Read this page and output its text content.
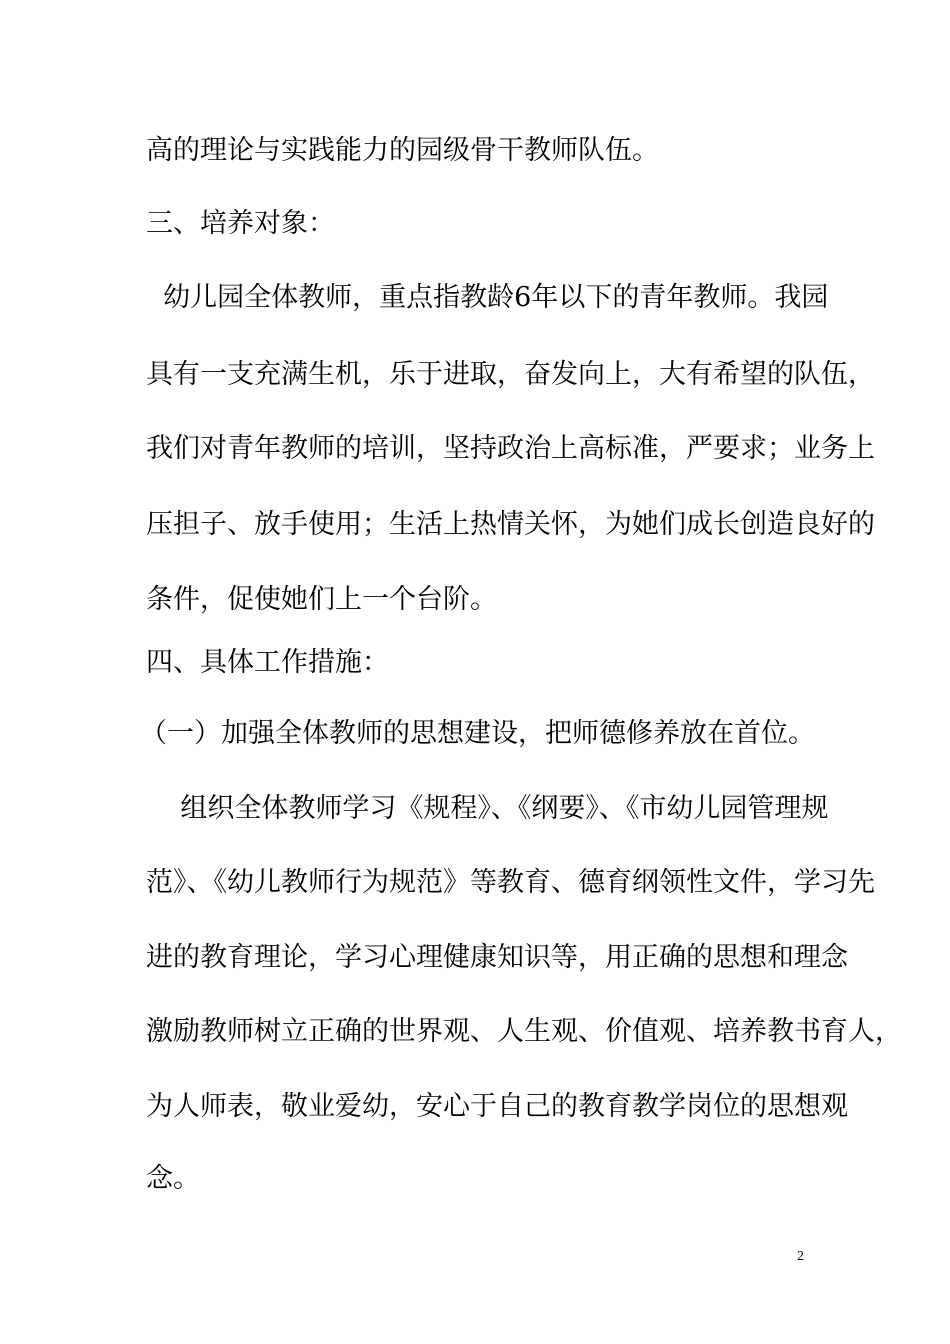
高的理论与实践能力的园级骨干教师队伍。
三、培养对象：
幼儿园全体教师，重点指教龄6年以下的青年教师。我园
具有一支充满生机，乐于进取，奋发向上，大有希望的队伍，
我们对青年教师的培训，坚持政治上高标准，严要求；业务上
压担子、放手使用；生活上热情关怀，为她们成长创造良好的
条件，促使她们上一个台阶。
四、具体工作措施：
（一）加强全体教师的思想建设，把师德修养放在首位。
组织全体教师学习《规程》、《纲要》、《市幼儿园管理规
范》、《幼儿教师行为规范》等教育、德育纲领性文件，学习先
进的教育理论，学习心理健康知识等，用正确的思想和理念
激励教师树立正确的世界观、人生观、价值观、培养教书育人，
为人师表，敬业爱幼，安心于自己的教育教学岗位的思想观
念。
2
